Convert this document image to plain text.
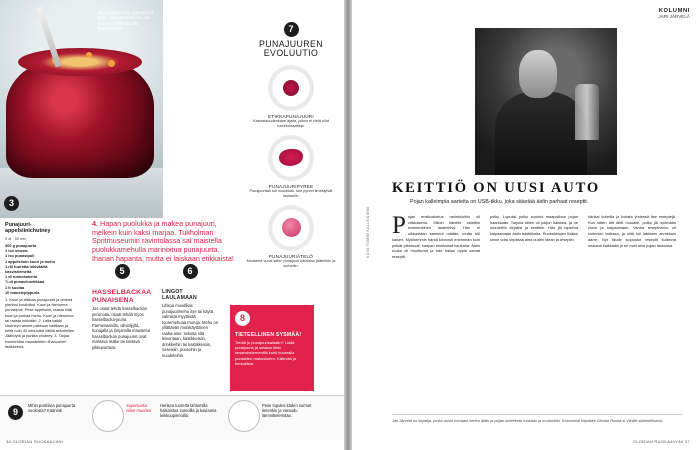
Rossi aivan voit appelsiinin kohl- seissa kanessa. Jos kuvas voikeessi sitä käyttämättä.
3
Punajuuri-appelsiinichutney
5 dl · 50 min
300 g punajuurta
1 iso omena
1 iso punasipuli
1 appelsiinin kuori ja mehu
1 rkl tuoretta inkivääriä
kasvisliemeltä
1 dl ruokosokeria
¾ dl punaviinietikkaa
1 tl suolaa
10 maustepippuria
1. Kuori ja leikkaa punajuuret ja omena pieniksi kuutioiksi. Kuori ja hienonna punasipuli. Pese appelsiini, raasta siitä kuori ja purista mehu. Kuori ja hienonna tai raasta inkivääri. 2. Laita kaikki chutneyn aineet paksuun kattilaan ja keitä noin 40 minuuttia välillä sekoitellen. Jäähdytä ja purkita chutney. 3. Tarjoa esimerkiksi maustetelen liharuokien lisäkkeenä.
4. Hapan puolukka ja makea punajuuri, melkein kuin kaksi marjaa. Tukholman Spritmuseumin ravintolassa sai maistella puolukkamehulla marinoitua punajuurta. Ihanan hapanta, mutta ei laiskaan etikkaista!
5
HASSELBACKAA PUNAISENA
Jos osaat tehdä hasselbackan perunoita, osaat tehdä myös hasselbacka-juuria. Parmesaanilla, oliiviöljyllä, hunajalla ja timjamilla maustetut hasselbackan punajuuret ovat mahtava lisäke tai loistava pikkupurtava.
6
LINGOT LAULAMAAN
Lihkoa muodikas punajuurimehu itse tai käytä valmista myytävää tuoremehuaa muruja. Mehu on yllättävän monikäyttöinen raaka-aine: sekoita sitä leivontaan, kastikkeisiin, drinkkeihin tai kastikkeisiin, soseisiin, puuroihin ja nuudeleihin.
7
PUNAJUUREN EVOLUUTIO
ETIKKAPUNAJUURI
Kasvistsuudenkaan ajalta, jolloin ei vielä ollut tuoretomaatteja.
PUNAJUURIPYREE
Punajuurista tuli muodikas, kun pyreet ilmestyivät lautasille.
PUNAJUURIÄTELÖ
Muutama vuosi sitten punajuuri kärkiistui jäätelöön ja sorbetiin.
8
TIETEELLINEN SYSMÄÄ!
Tiedät jo punajuurisalaatin? Lisää punajuuria ja sulatan lihiin sesaminsiemenillä kohti kuumalla punaisten makusiseen. Kätevää ja herkullista.
9
Mihin positiivia punajuurta vuokrata? Käännä!
Superruoka viilee muoden
Henkea tuoretta lahtomilla haikaistua sumoilla ja kaviaaria leikkuupinnoilla.
Pese topuksi käden sormet tietenkin ja varaudu lämmittelemään.
38 GLORIAN RUOKA&VIINI
KOLUMNI
JARI JÄRVELÄ
KUVA TOMMI KALUSNIEMI
KEITTIÖ ON UUSI AUTO
Pojan kalleimpia aarteita on USB-tikku, joka säästää äidin parhaat reseptit.
Pojan ensikosketus ravintoloihin oli viiskuisena. Silloin hänelle ostettiin ensimmäinen lastenlevy. Hän ei oikeastaan sanonut mitään, mutta söi kaiken. Myöhemmin häntä kiinnosti enemmän kuin pelkät pikaruuat, kaupan eineksistä kaukana. Äidin ruoka oli muuttunut ja hän halusi oppia samat reseptit.
polku. Lopuksi polku suuntui maapalloon pojan haarkkaan. Tarjolla sitten oli paljon kaikkea, ja ne muutettiin kirjaiksi ja kerättiin. Hän jäi lapsena kaipaamaan äidin kastikkeita. Ruokalistojen lisäksi sinne voisi kirjoittaa aina uuden idean ja reseptin.
hänkai kokeilla ja kokata yhdessä itse reseptejä. Kun sitten äiti lähti muualle, poika jäi syömään yksin ja kaipaamaan. Vanha reseptivihko oli kuitenkin tallessa, ja siitä tuli kaikkein arvokkain aarre. Nyt tikulle kopioidut reseptit kulkevat mukana kaikkialla ja ne ovat aina pojan taskussa.
Jari Järvelä on kirjailija, jonka uusin romaani kertoo äidin ja pojan suhteesta ruokaan ja muistoihin. Kolumnisti kirjoittaa Glorian Ruoka & Viinille säännöllisesti.
GLORIAN RUOKA&VIINI 37
